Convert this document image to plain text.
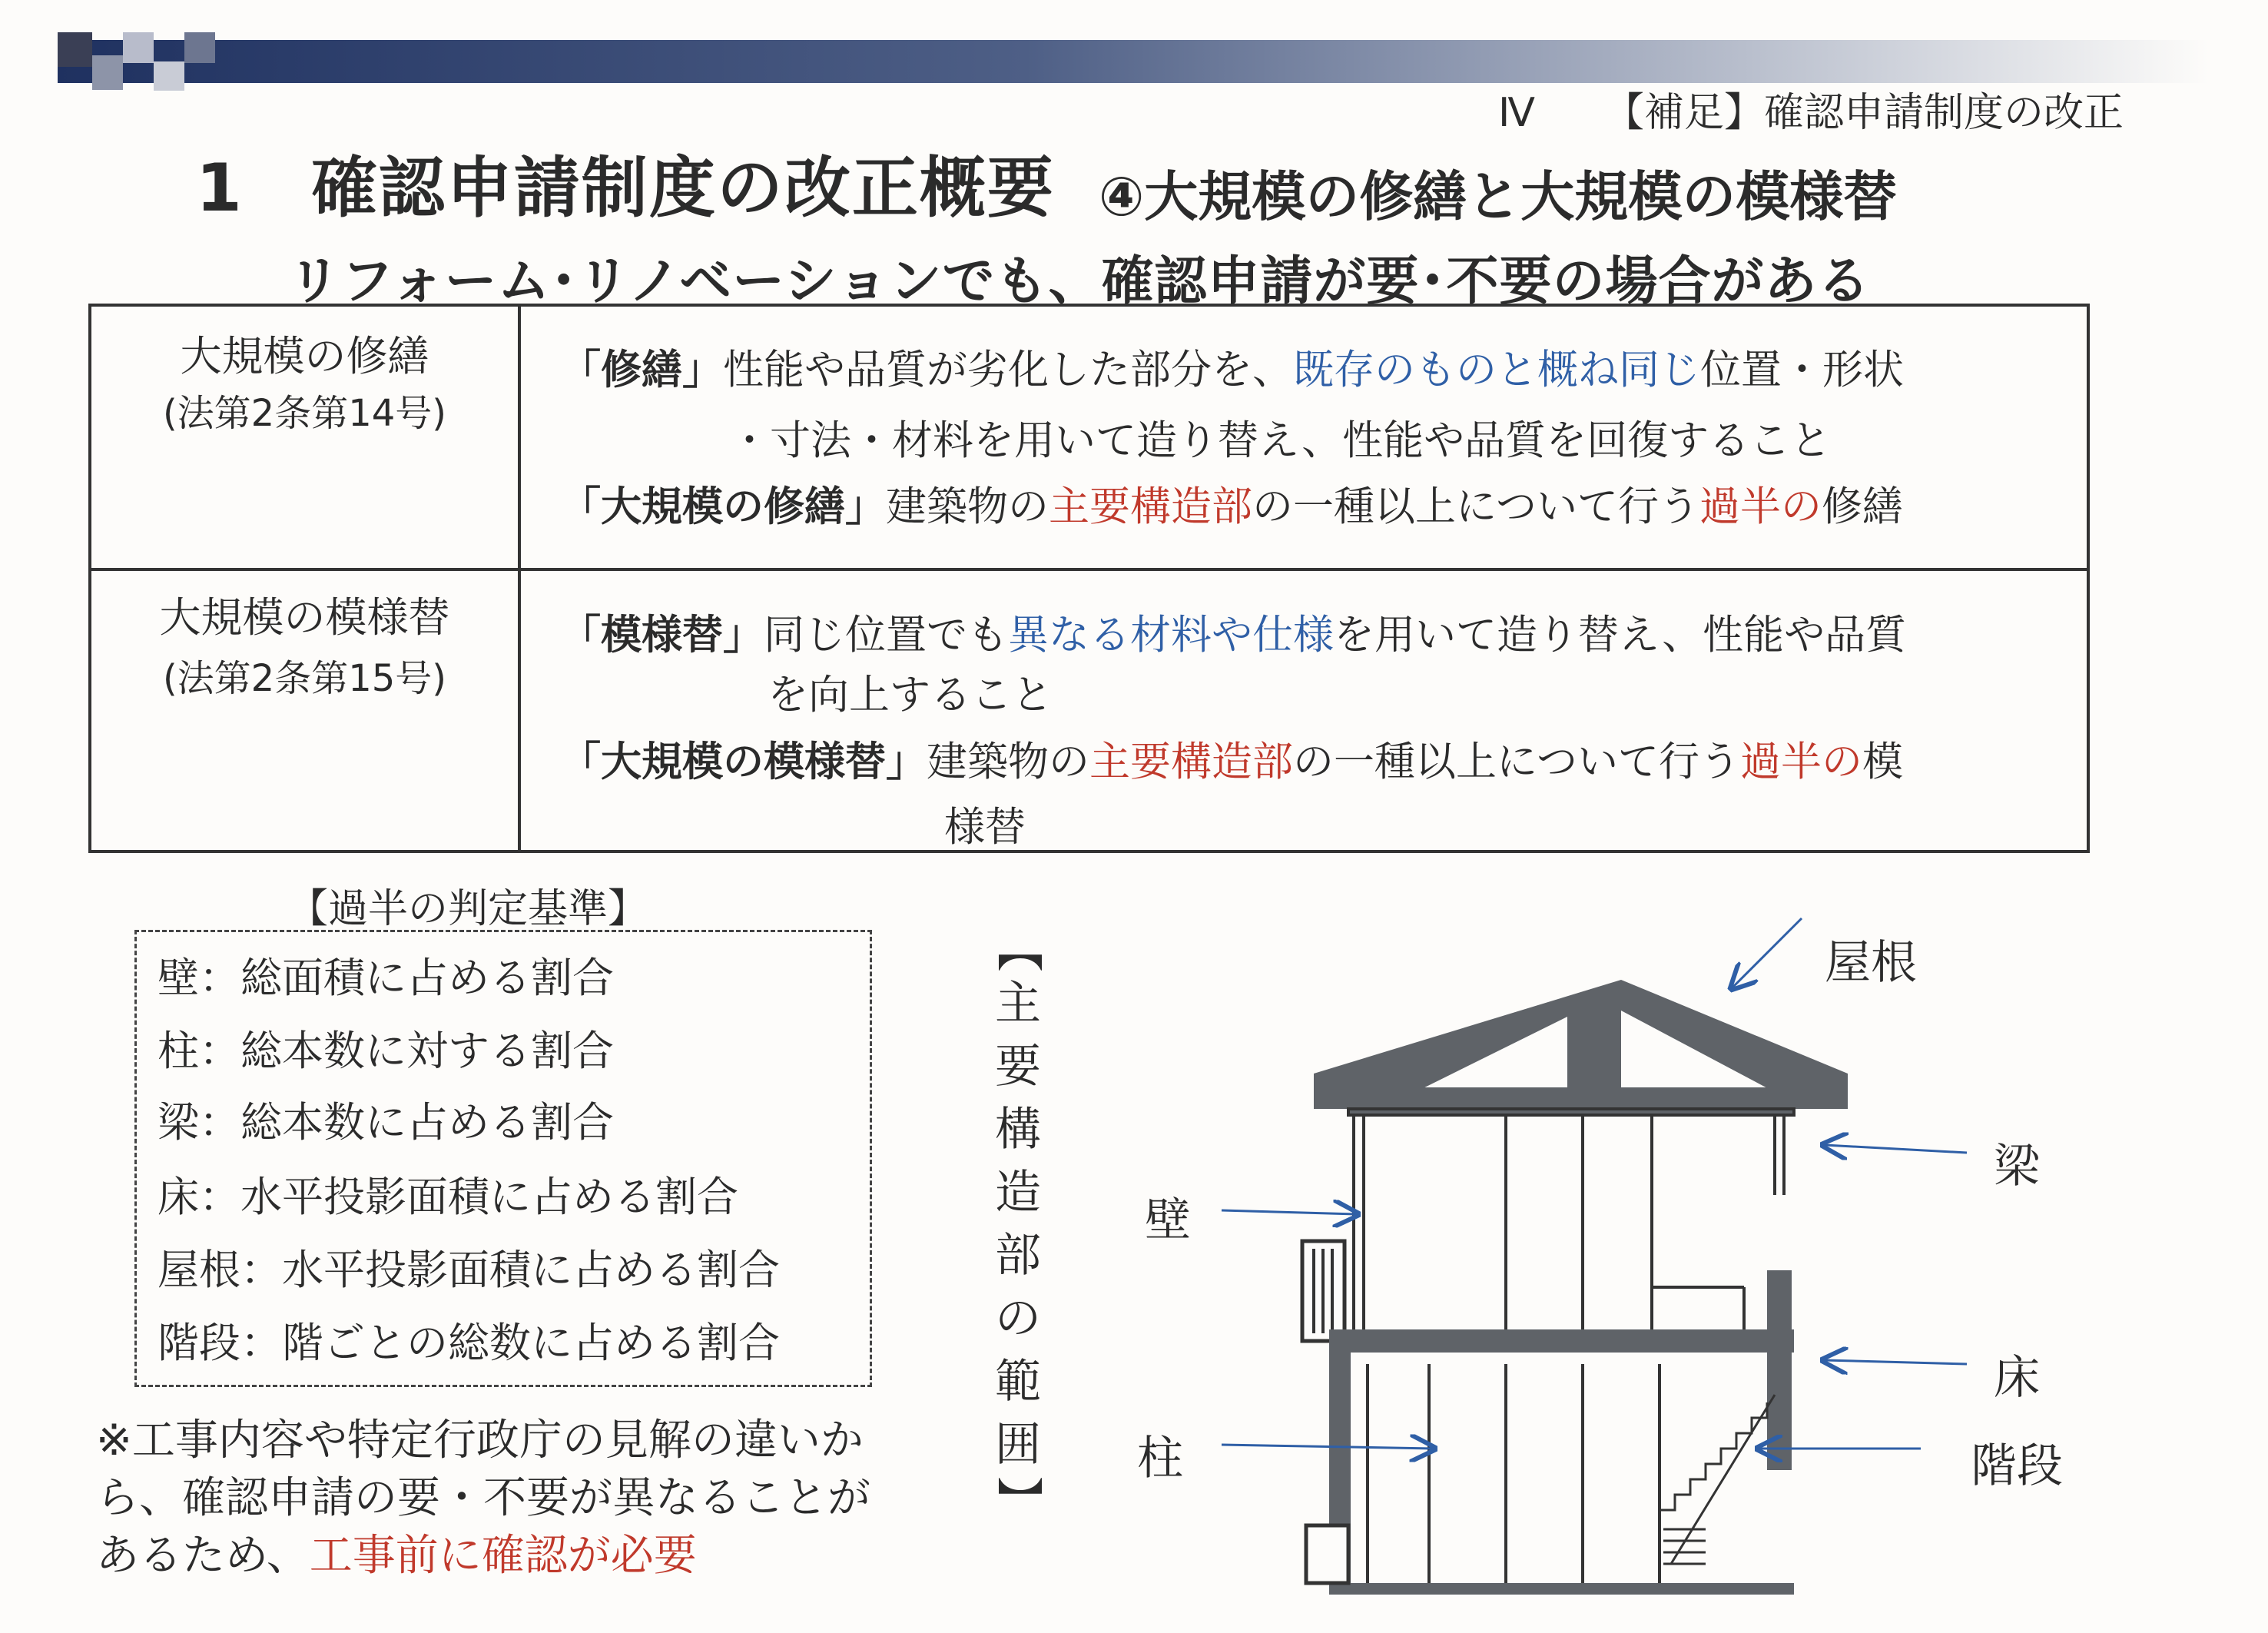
Ⅳ 【補足】確認申請制度の改正
1　確認申請制度の改正概要 ④大規模の修繕と大規模の模様替
リフォーム･リノベーションでも、確認申請が要･不要の場合がある
大規模の修繕
(法第2条第14号)
「修繕」性能や品質が劣化した部分を、既存のものと概ね同じ位置・形状
・寸法・材料を用いて造り替え、性能や品質を回復すること
「大規模の修繕」建築物の主要構造部の一種以上について行う過半の修繕
大規模の模様替
(法第2条第15号)
「模様替」同じ位置でも異なる材料や仕様を用いて造り替え、性能や品質
を向上すること
「大規模の模様替」建築物の主要構造部の一種以上について行う過半の模
様替
【過半の判定基準】
壁：総面積に占める割合
柱：総本数に対する割合
梁：総本数に占める割合
床：水平投影面積に占める割合
屋根：水平投影面積に占める割合
階段：階ごとの総数に占める割合
※工事内容や特定行政庁の見解の違いか
ら、確認申請の要・不要が異なることが
あるため、工事前に確認が必要
【
主
要
構
造
部
の
範
囲
】
屋根
梁
壁
床
柱	階段
